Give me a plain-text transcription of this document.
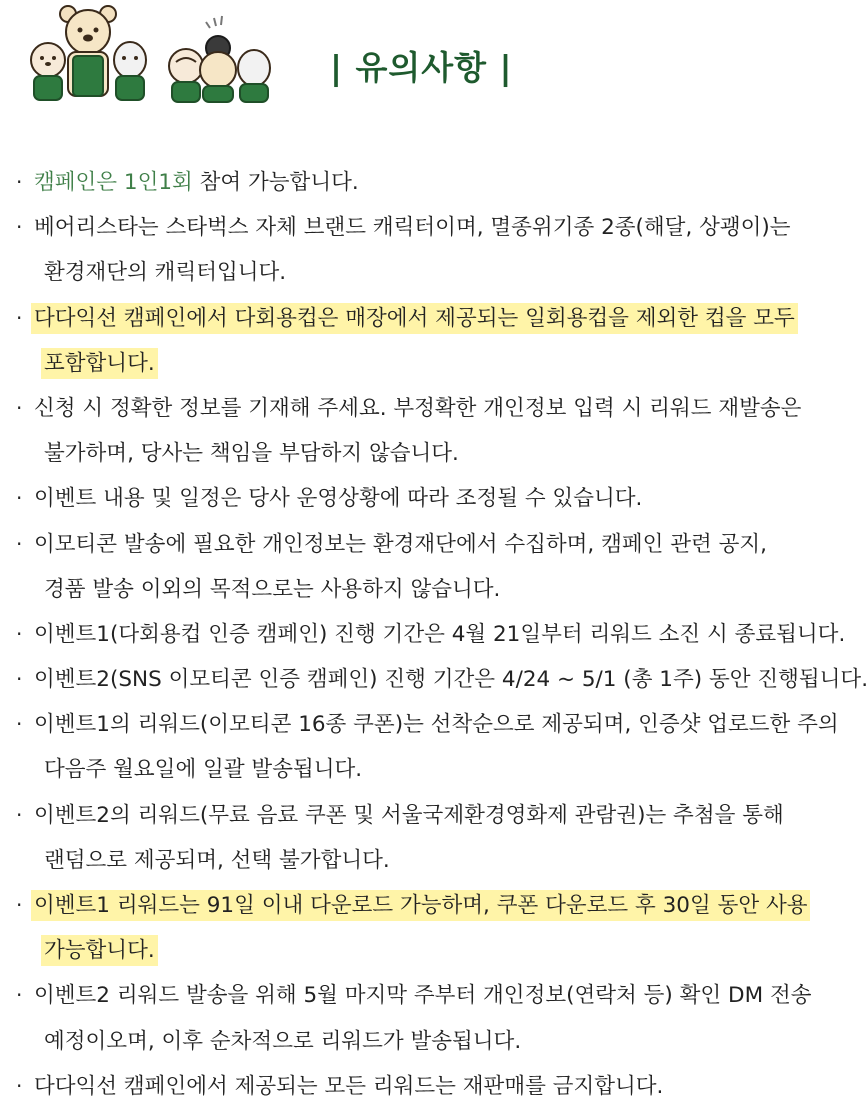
| 유의사항 |
· 캠페인은 1인1회 참여 가능합니다.
· 베어리스타는 스타벅스 자체 브랜드 캐릭터이며, 멸종위기종 2종(해달, 상괭이)는
환경재단의 캐릭터입니다.
· 다다익선 캠페인에서 다회용컵은 매장에서 제공되는 일회용컵을 제외한 컵을 모두
포함합니다.
· 신청 시 정확한 정보를 기재해 주세요. 부정확한 개인정보 입력 시 리워드 재발송은
불가하며, 당사는 책임을 부담하지 않습니다.
· 이벤트 내용 및 일정은 당사 운영상황에 따라 조정될 수 있습니다.
· 이모티콘 발송에 필요한 개인정보는 환경재단에서 수집하며, 캠페인 관련 공지,
경품 발송 이외의 목적으로는 사용하지 않습니다.
· 이벤트1(다회용컵 인증 캠페인) 진행 기간은 4월 21일부터 리워드 소진 시 종료됩니다.
· 이벤트2(SNS 이모티콘 인증 캠페인) 진행 기간은 4/24 ~ 5/1 (총 1주) 동안 진행됩니다.
· 이벤트1의 리워드(이모티콘 16종 쿠폰)는 선착순으로 제공되며, 인증샷 업로드한 주의
다음주 월요일에 일괄 발송됩니다.
· 이벤트2의 리워드(무료 음료 쿠폰 및 서울국제환경영화제 관람권)는 추첨을 통해
랜덤으로 제공되며, 선택 불가합니다.
· 이벤트1 리워드는 91일 이내 다운로드 가능하며, 쿠폰 다운로드 후 30일 동안 사용
가능합니다.
· 이벤트2 리워드 발송을 위해 5월 마지막 주부터 개인정보(연락처 등) 확인 DM 전송
예정이오며, 이후 순차적으로 리워드가 발송됩니다.
· 다다익선 캠페인에서 제공되는 모든 리워드는 재판매를 금지합니다.
